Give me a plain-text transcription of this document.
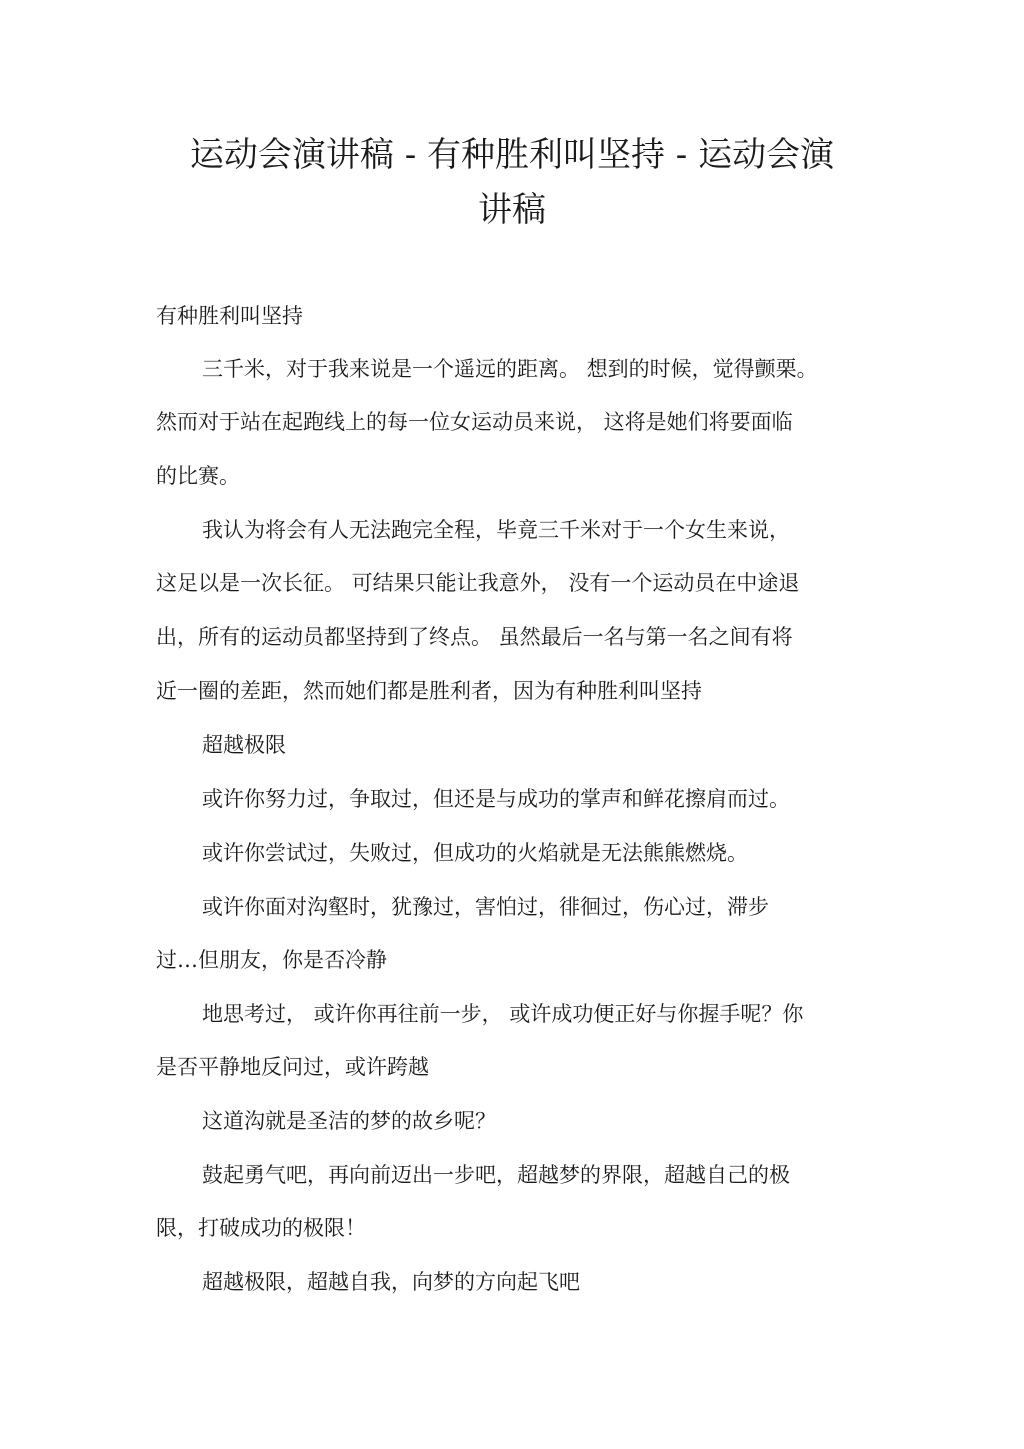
运动会演讲稿 - 有种胜利叫坚持 - 运动会演
讲稿

有种胜利叫坚持

三千米，对于我来说是一个遥远的距离。 想到的时候，觉得颤栗。

然而对于站在起跑线上的每一位女运动员来说， 这将是她们将要面临

的比赛。

我认为将会有人无法跑完全程，毕竟三千米对于一个女生来说，

这足以是一次长征。 可结果只能让我意外， 没有一个运动员在中途退

出，所有的运动员都坚持到了终点。 虽然最后一名与第一名之间有将

近一圈的差距，然而她们都是胜利者，因为有种胜利叫坚持

超越极限

或许你努力过，争取过，但还是与成功的掌声和鲜花擦肩而过。

或许你尝试过，失败过，但成功的火焰就是无法熊熊燃烧。

或许你面对沟壑时，犹豫过，害怕过，徘徊过，伤心过，滞步

过…但朋友，你是否冷静

地思考过， 或许你再往前一步， 或许成功便正好与你握手呢？你

是否平静地反问过，或许跨越

这道沟就是圣洁的梦的故乡呢？

鼓起勇气吧，再向前迈出一步吧，超越梦的界限，超越自己的极

限，打破成功的极限！

超越极限，超越自我，向梦的方向起飞吧
